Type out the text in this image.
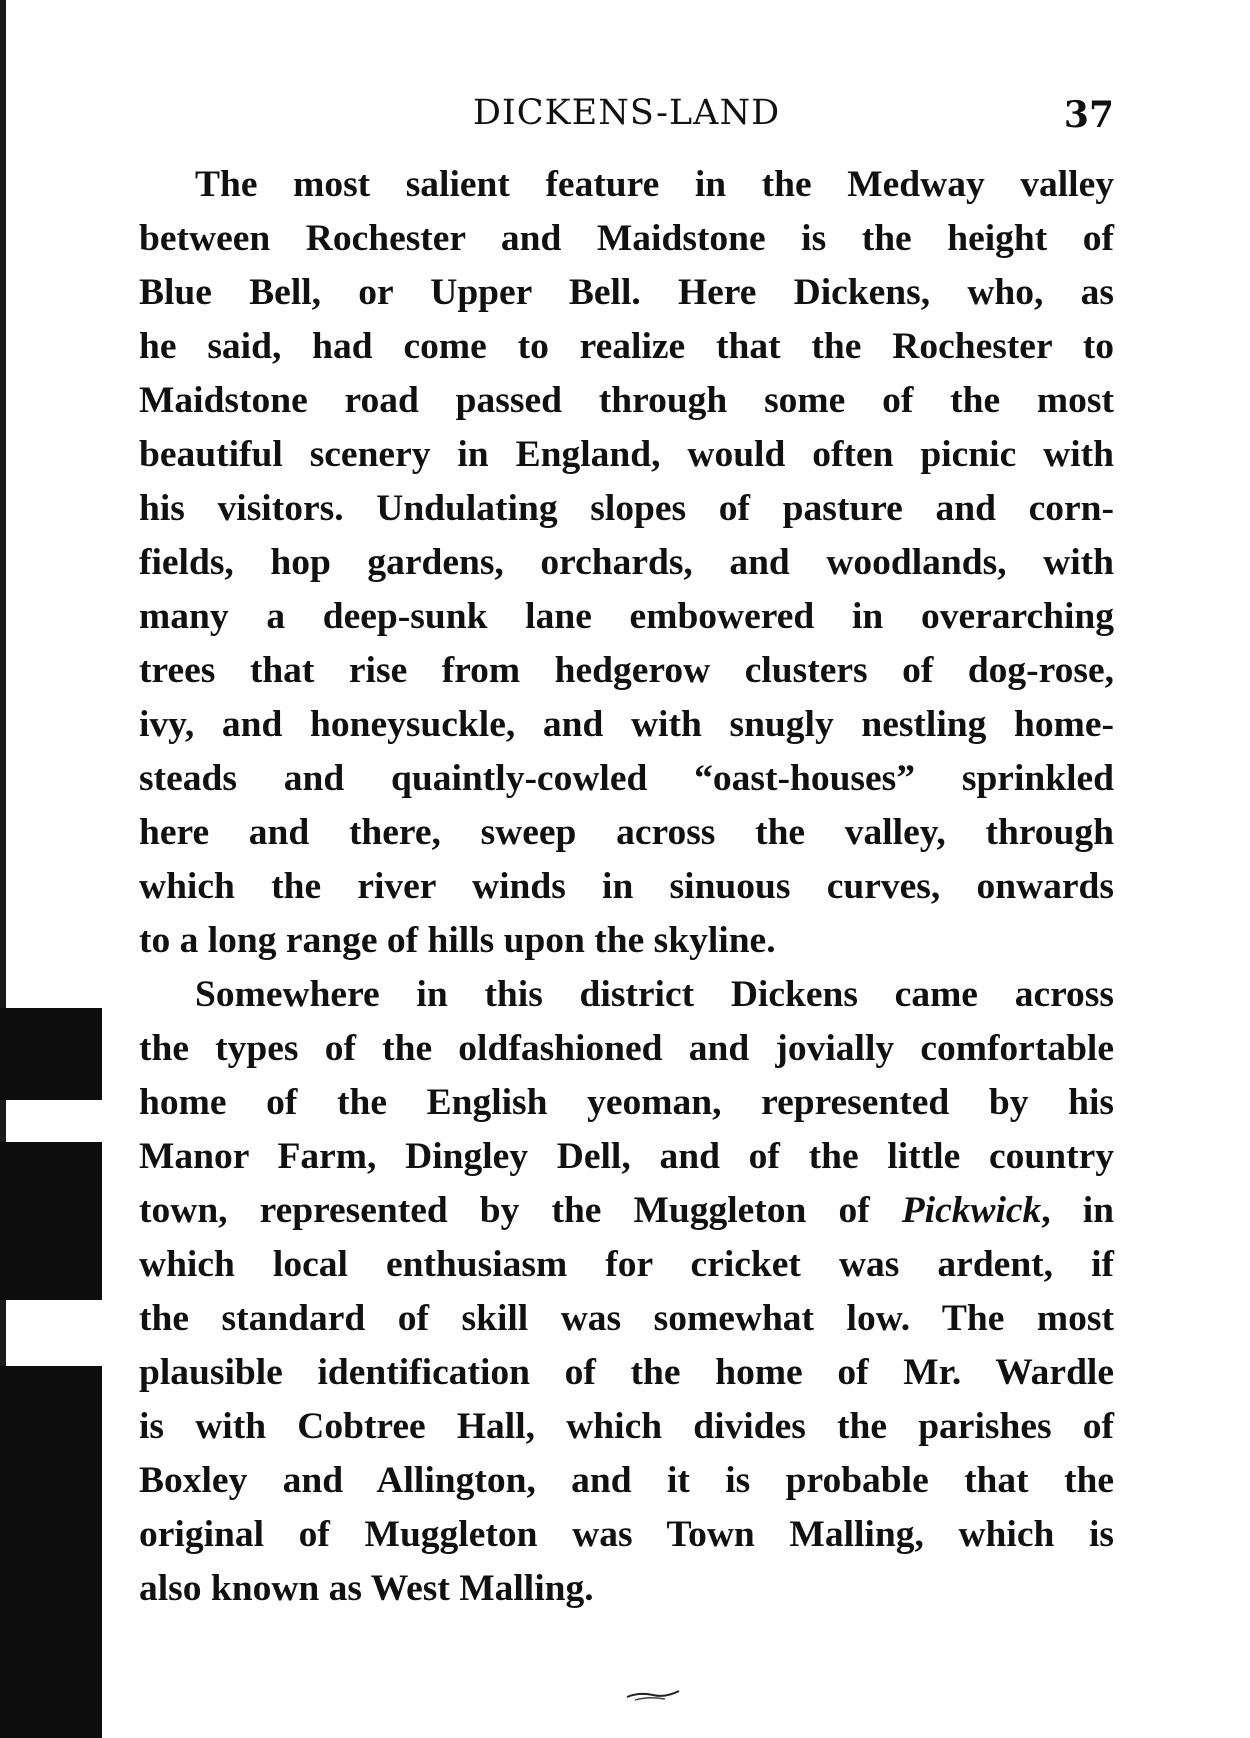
DICKENS-LAND	37

The most salient feature in the Medway valley
between Rochester and Maidstone is the height of
Blue Bell, or Upper Bell. Here Dickens, who, as
he said, had come to realize that the Rochester to
Maidstone road passed through some of the most
beautiful scenery in England, would often picnic with
his visitors. Undulating slopes of pasture and corn-
fields, hop gardens, orchards, and woodlands, with
many a deep-sunk lane embowered in overarching
trees that rise from hedgerow clusters of dog-rose,
ivy, and honeysuckle, and with snugly nestling home-
steads and quaintly-cowled “oast-houses” sprinkled
here and there, sweep across the valley, through
which the river winds in sinuous curves, onwards
to a long range of hills upon the skyline.

Somewhere in this district Dickens came across
the types of the oldfashioned and jovially comfortable
home of the English yeoman, represented by his
Manor Farm, Dingley Dell, and of the little country
town, represented by the Muggleton of Pickwick, in
which local enthusiasm for cricket was ardent, if
the standard of skill was somewhat low. The most
plausible identification of the home of Mr. Wardle
is with Cobtree Hall, which divides the parishes of
Boxley and Allington, and it is probable that the
original of Muggleton was Town Malling, which is
also known as West Malling.
